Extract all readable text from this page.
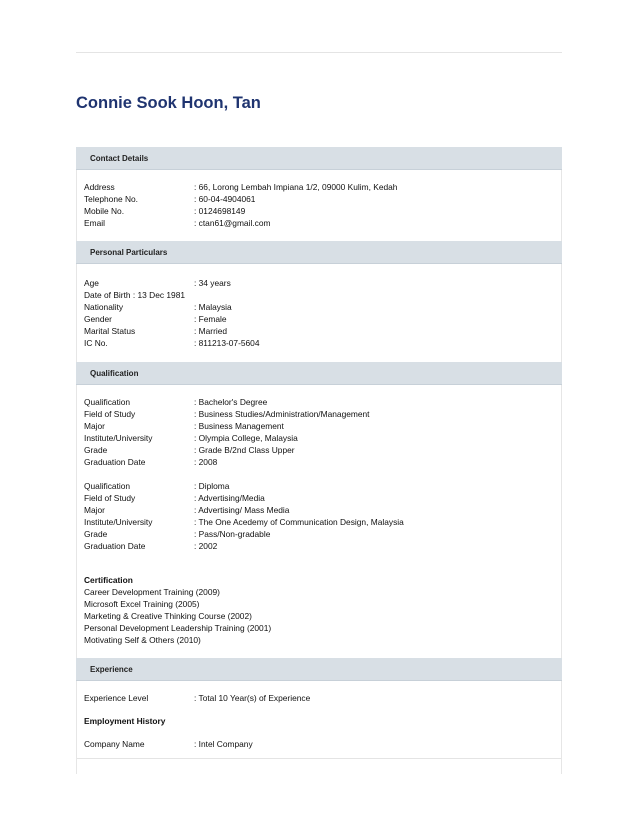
Connie Sook Hoon, Tan
Contact Details
Address	: 66, Lorong Lembah Impiana 1/2, 09000 Kulim, Kedah
Telephone No.	: 60-04-4904061
Mobile No.	: 0124698149
Email	: ctan61@gmail.com
Personal Particulars
Age	: 34 years
Date of Birth : 13 Dec 1981
Nationality	: Malaysia
Gender	: Female
Marital Status	: Married
IC No.	: 811213-07-5604
Qualification
Qualification	: Bachelor's Degree
Field of Study	: Business Studies/Administration/Management
Major	: Business Management
Institute/University	: Olympia College, Malaysia
Grade	: Grade B/2nd Class Upper
Graduation Date	: 2008
Qualification	: Diploma
Field of Study	: Advertising/Media
Major	: Advertising/ Mass Media
Institute/University	: The One Acedemy of Communication Design, Malaysia
Grade	: Pass/Non-gradable
Graduation Date	: 2002
Certification
Career Development Training (2009)
Microsoft Excel Training (2005)
Marketing & Creative Thinking Course (2002)
Personal Development Leadership Training (2001)
Motivating Self & Others (2010)
Experience
Experience Level	: Total 10 Year(s) of Experience
Employment History
Company Name	: Intel Company
